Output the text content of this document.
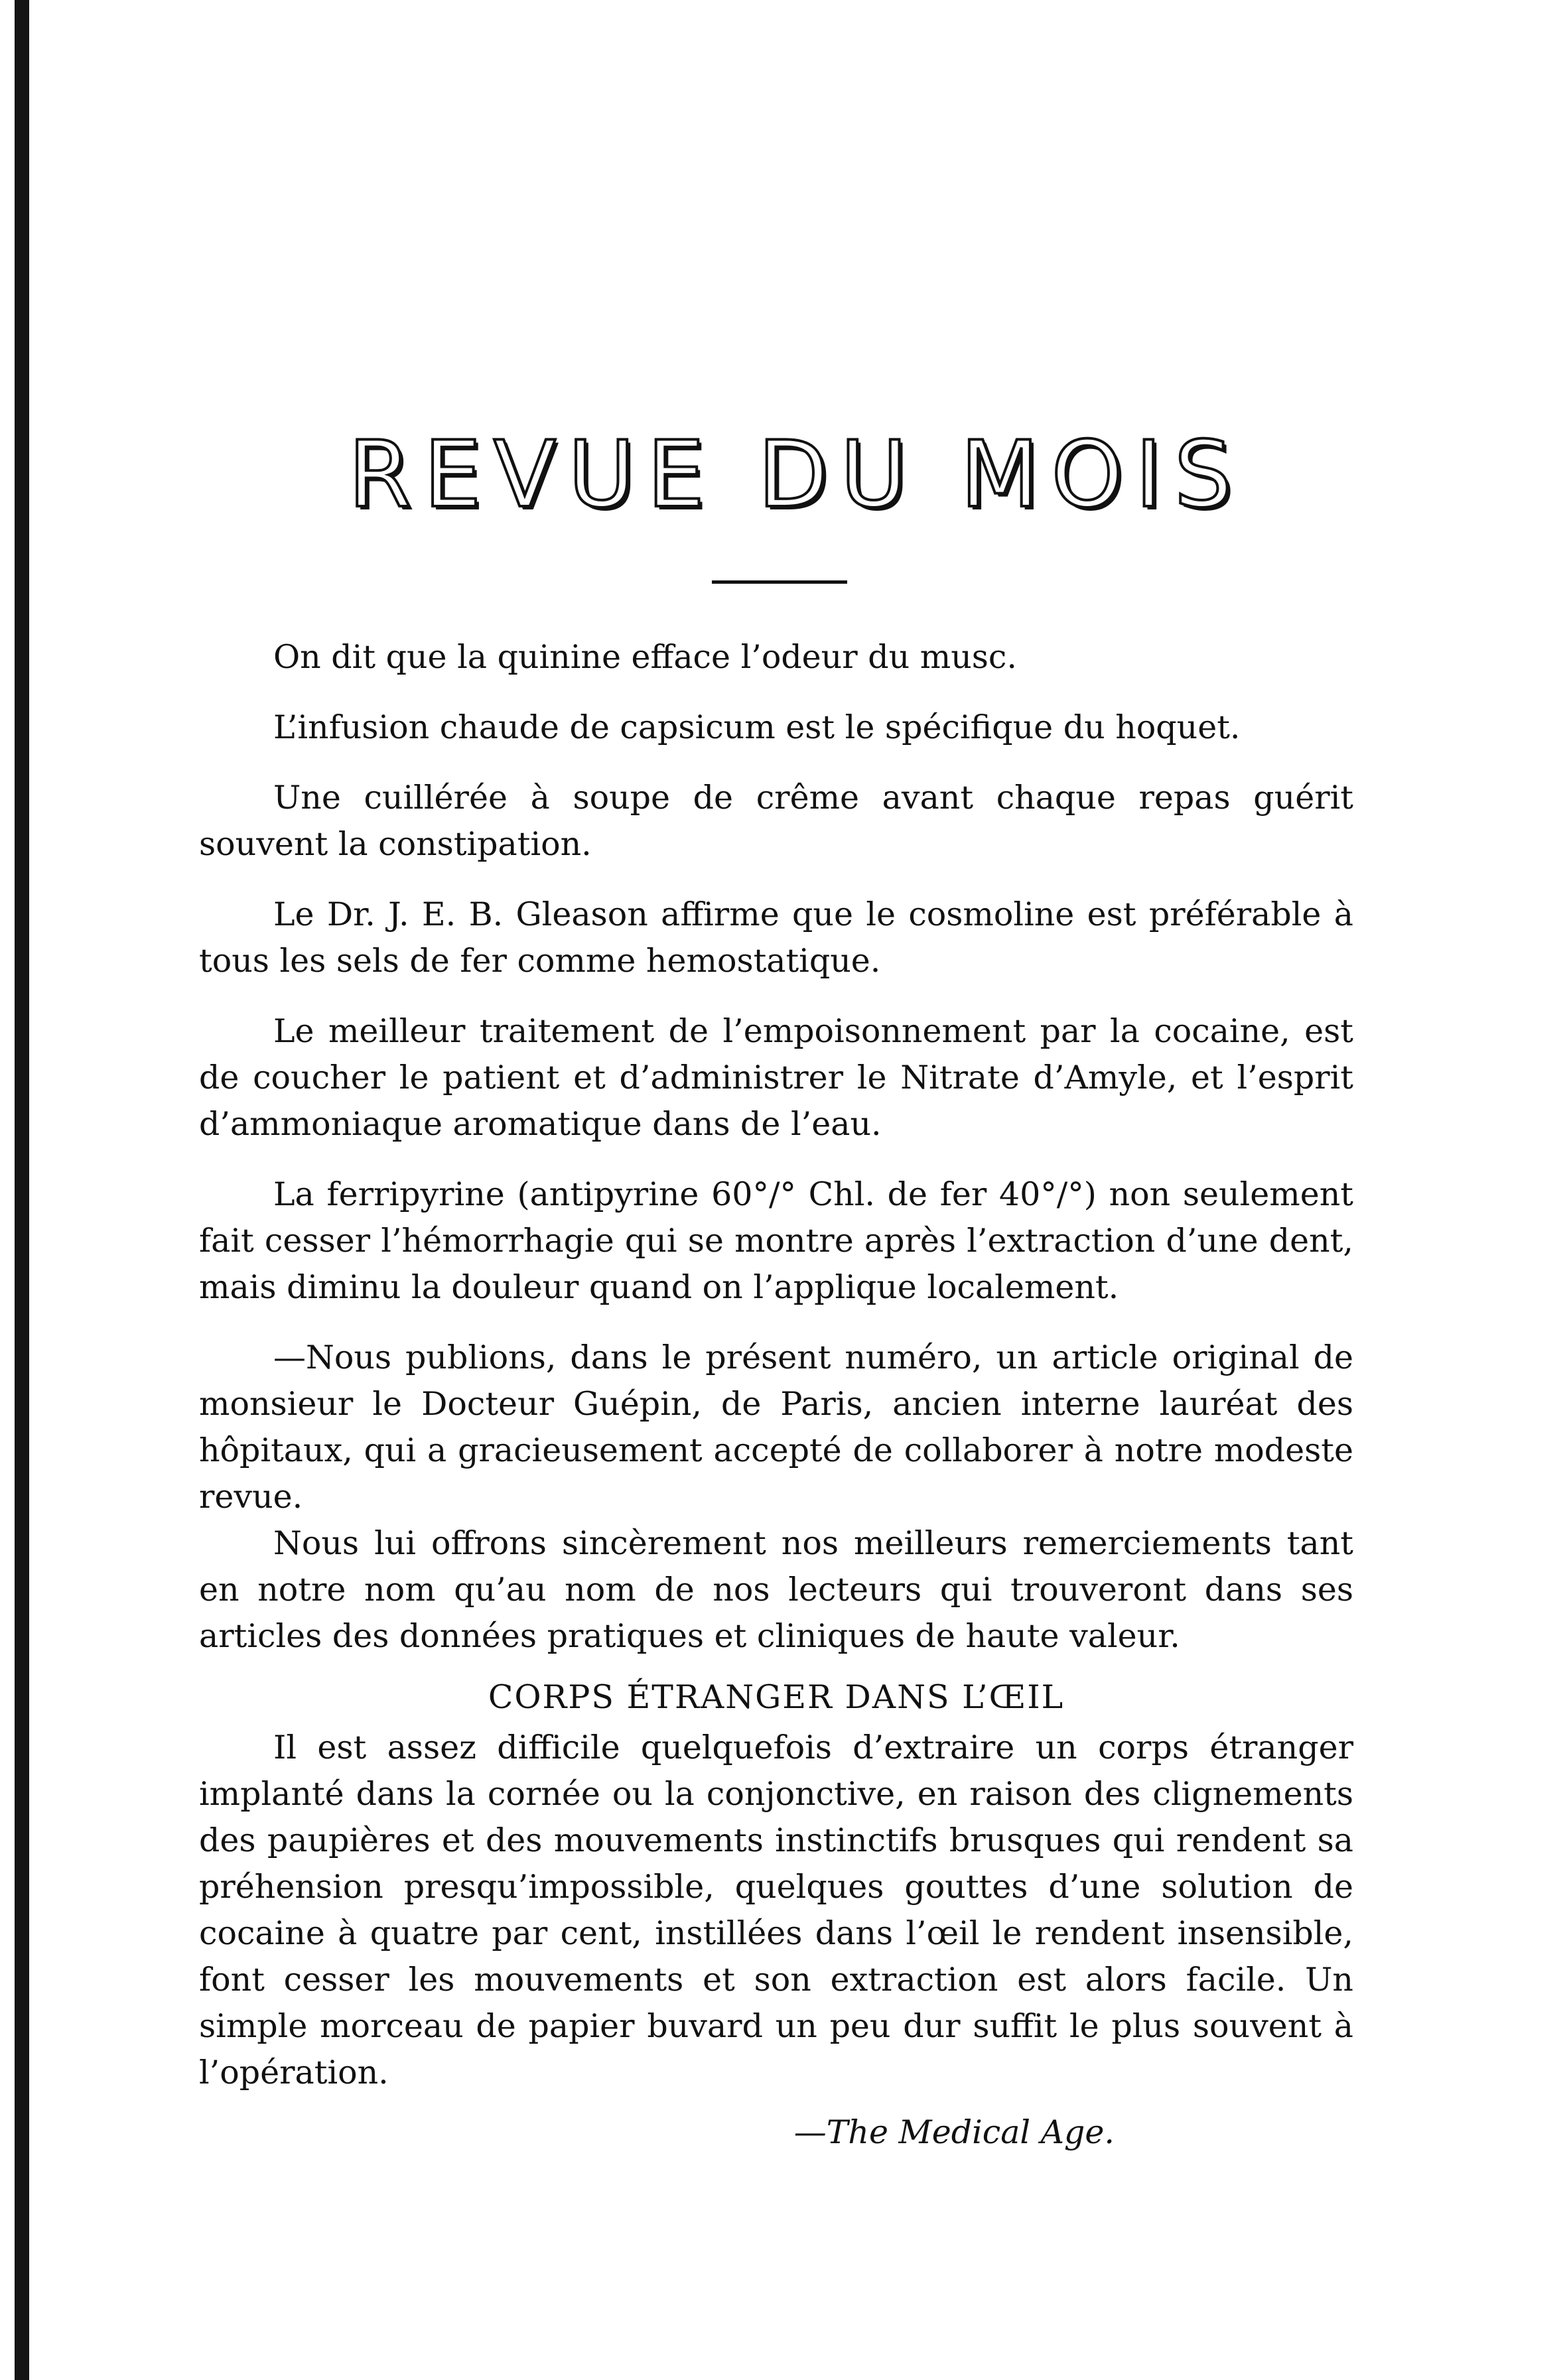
REVUE DU MOIS

On dit que la quinine efface l’odeur du musc.

L’infusion chaude de capsicum est le spécifique du hoquet.

Une cuillérée à soupe de crême avant chaque repas guérit souvent la constipation.

Le Dr. J. E. B. Gleason affirme que le cosmoline est préférable à tous les sels de fer comme hemostatique.

Le meilleur traitement de l’empoisonnement par la cocaine, est de coucher le patient et d’administrer le Nitrate d’Amyle, et l’esprit d’ammoniaque aromatique dans de l’eau.

La ferripyrine (antipyrine 60°/° Chl. de fer 40°/°) non seulement fait cesser l’hémorrhagie qui se montre après l’extraction d’une dent, mais diminu la douleur quand on l’applique localement.

—Nous publions, dans le présent numéro, un article original de monsieur le Docteur Guépin, de Paris, ancien interne lauréat des hôpitaux, qui a gracieusement accepté de collaborer à notre modeste revue.

Nous lui offrons sincèrement nos meilleurs remerciements tant en notre nom qu’au nom de nos lecteurs qui trouveront dans ses articles des données pratiques et cliniques de haute valeur.

CORPS ÉTRANGER DANS L’ŒIL

Il est assez difficile quelquefois d’extraire un corps étranger implanté dans la cornée ou la conjonctive, en raison des clignements des paupières et des mouvements instinctifs brusques qui rendent sa préhension presqu’impossible, quelques gouttes d’une solution de cocaine à quatre par cent, instillées dans l’œil le rendent insensible, font cesser les mouvements et son extraction est alors facile. Un simple morceau de papier buvard un peu dur suffit le plus souvent à l’opération.

—The Medical Age.
